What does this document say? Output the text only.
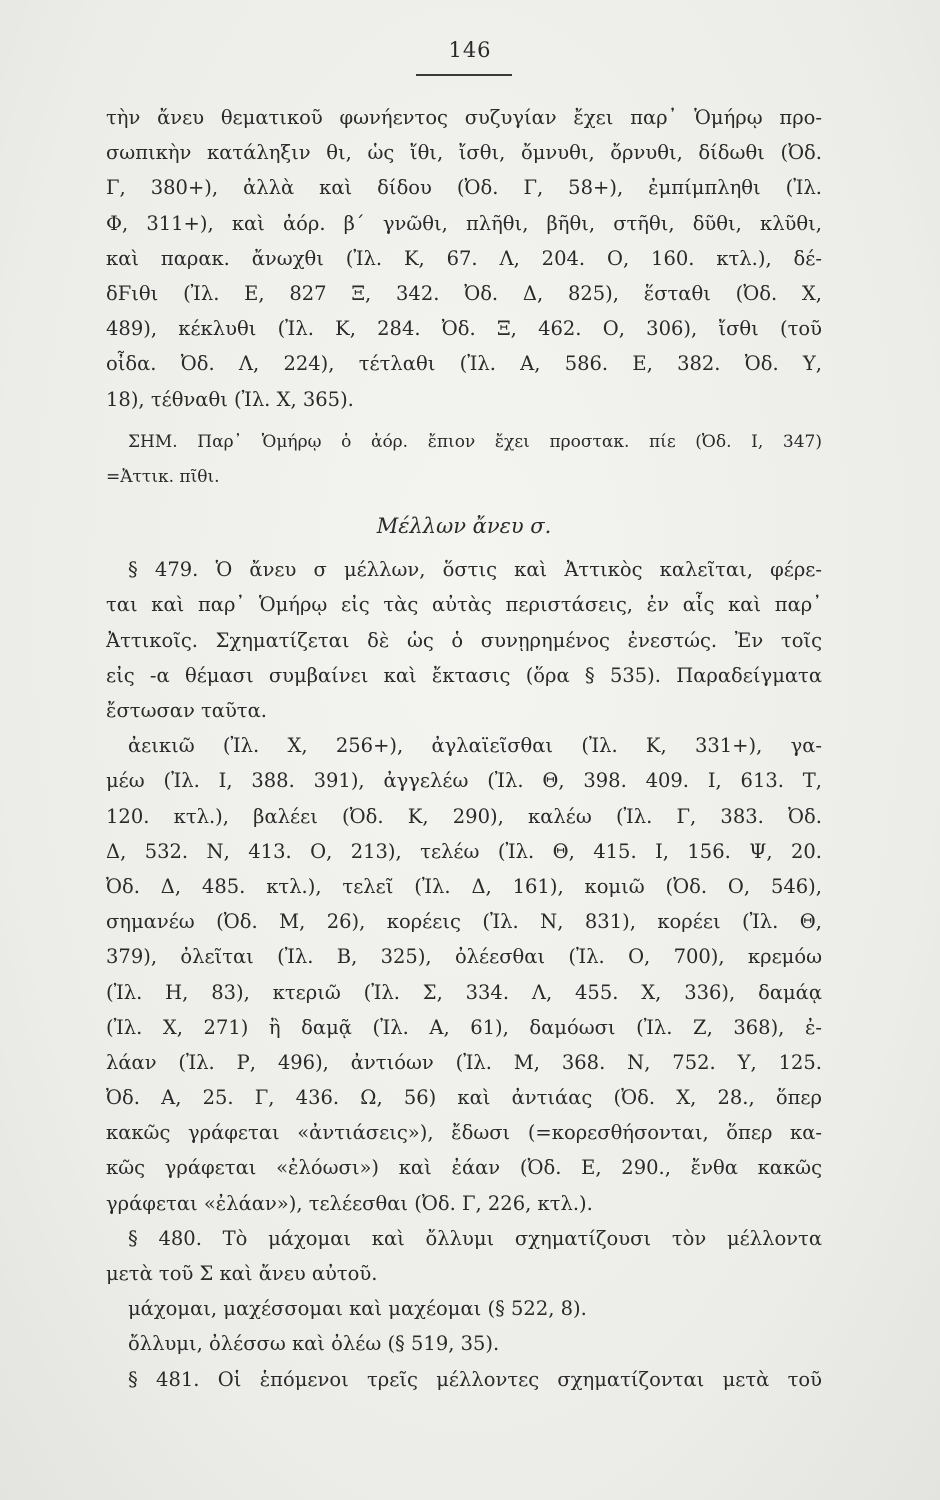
146
τὴν ἄνευ θεματικοῦ φωνήεντος συζυγίαν ἔχει παρ᾽ Ὁμήρῳ προ-
σωπικὴν κατάληξιν θι, ὡς ἴθι, ἴσθι, ὄμνυθι, ὄρνυθι, δίδωθι (Ὀδ.
Γ, 380+), ἀλλὰ καὶ δίδου (Ὀδ. Γ, 58+), ἐμπίμπληθι (Ἰλ.
Φ, 311+), καὶ ἀόρ. β΄ γνῶθι, πλῆθι, βῆθι, στῆθι, δῦθι, κλῦθι,
καὶ παρακ. ἄνωχθι (Ἰλ. Κ, 67. Λ, 204. Ο, 160. κτλ.), δέ-
δϜιθι (Ἰλ. Ε, 827 Ξ, 342. Ὀδ. Δ, 825), ἕσταθι (Ὀδ. Χ,
489), κέκλυθι (Ἰλ. Κ, 284. Ὀδ. Ξ, 462. Ο, 306), ἴσθι (τοῦ
οἶδα. Ὀδ. Λ, 224), τέτλαθι (Ἰλ. Α, 586. Ε, 382. Ὀδ. Υ,
18), τέθναθι (Ἰλ. Χ, 365).
ΣΗΜ. Παρ᾽ Ὁμήρῳ ὁ ἀόρ. ἔπιον ἔχει προστακ. πίε (Ὀδ. Ι, 347)
=Ἀττικ. πῖθι.
Μέλλων ἄνευ σ.
§ 479. Ὁ ἄνευ σ μέλλων, ὅστις καὶ Ἀττικὸς καλεῖται, φέρε-
ται καὶ παρ᾽ Ὁμήρῳ εἰς τὰς αὐτὰς περιστάσεις, ἐν αἷς καὶ παρ᾽
Ἀττικοῖς. Σχηματίζεται δὲ ὡς ὁ συνῃρημένος ἐνεστώς. Ἐν τοῖς
εἰς -α θέμασι συμβαίνει καὶ ἔκτασις (ὅρα § 535). Παραδείγματα
ἔστωσαν ταῦτα.
ἀεικιῶ (Ἰλ. Χ, 256+), ἀγλαϊεῖσθαι (Ἰλ. Κ, 331+), γα-
μέω (Ἰλ. Ι, 388. 391), ἀγγελέω (Ἰλ. Θ, 398. 409. Ι, 613. Τ,
120. κτλ.), βαλέει (Ὀδ. Κ, 290), καλέω (Ἰλ. Γ, 383. Ὀδ.
Δ, 532. Ν, 413. Ο, 213), τελέω (Ἰλ. Θ, 415. Ι, 156. Ψ, 20.
Ὀδ. Δ, 485. κτλ.), τελεῖ (Ἰλ. Δ, 161), κομιῶ (Ὀδ. Ο, 546),
σημανέω (Ὀδ. Μ, 26), κορέεις (Ἰλ. Ν, 831), κορέει (Ἰλ. Θ,
379), ὀλεῖται (Ἰλ. Β, 325), ὀλέεσθαι (Ἰλ. Ο, 700), κρεμόω
(Ἰλ. Η, 83), κτεριῶ (Ἰλ. Σ, 334. Λ, 455. Χ, 336), δαμάᾳ
(Ἰλ. Χ, 271) ἢ δαμᾷ (Ἰλ. Α, 61), δαμόωσι (Ἰλ. Ζ, 368), ἐ-
λάαν (Ἰλ. Ρ, 496), ἀντιόων (Ἰλ. Μ, 368. Ν, 752. Υ, 125.
Ὀδ. Α, 25. Γ, 436. Ω, 56) καὶ ἀντιάας (Ὀδ. Χ, 28., ὅπερ
κακῶς γράφεται «ἀντιάσεις»), ἔδωσι (=κορεσθήσονται, ὅπερ κα-
κῶς γράφεται «ἐλόωσι») καὶ ἐάαν (Ὀδ. Ε, 290., ἔνθα κακῶς
γράφεται «ἐλάαν»), τελέεσθαι (Ὀδ. Γ, 226, κτλ.).
§ 480. Τὸ μάχομαι καὶ ὄλλυμι σχηματίζουσι τὸν μέλλοντα
μετὰ τοῦ Σ καὶ ἄνευ αὐτοῦ.
μάχομαι, μαχέσσομαι καὶ μαχέομαι (§ 522, 8).
ὄλλυμι, ὀλέσσω καὶ ὀλέω (§ 519, 35).
§ 481. Οἱ ἑπόμενοι τρεῖς μέλλοντες σχηματίζονται μετὰ τοῦ
